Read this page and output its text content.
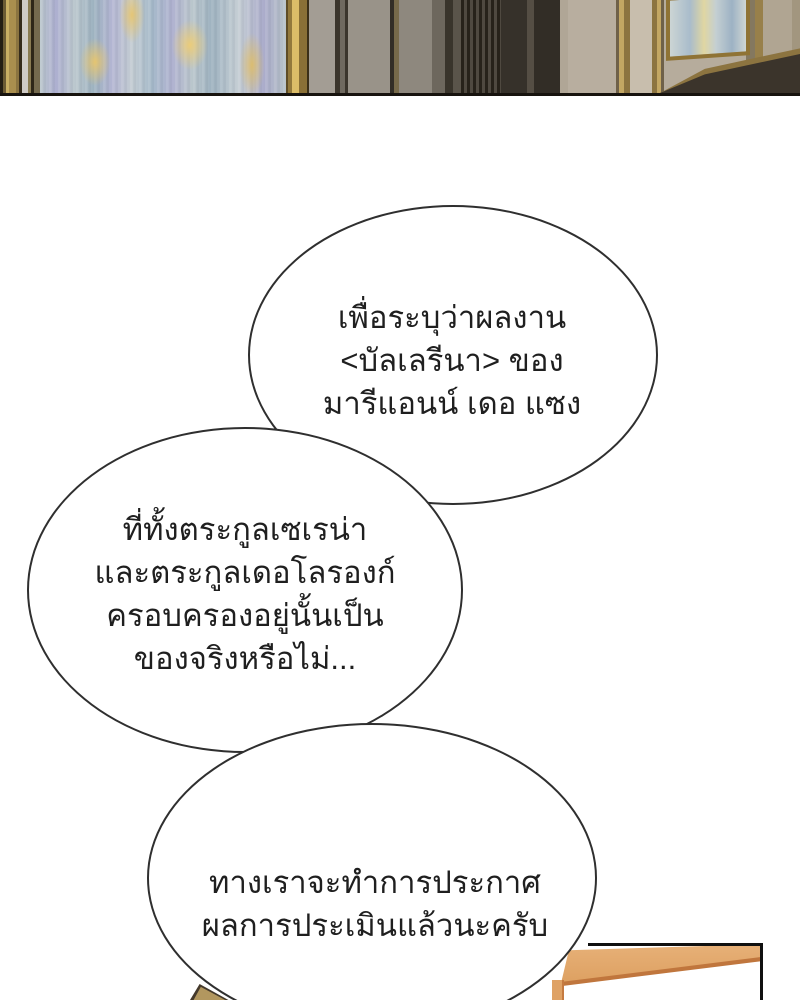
เพื่อระบุว่าผลงาน
<บัลเลรีนา> ของ
มารีแอนน์ เดอ แซง
ที่ทั้งตระกูลเซเรน่า
และตระกูลเดอโลรองก์
ครอบครองอยู่นั้นเป็น
ของจริงหรือไม่...
ทางเราจะทำการประกาศ
ผลการประเมินแล้วนะครับ
